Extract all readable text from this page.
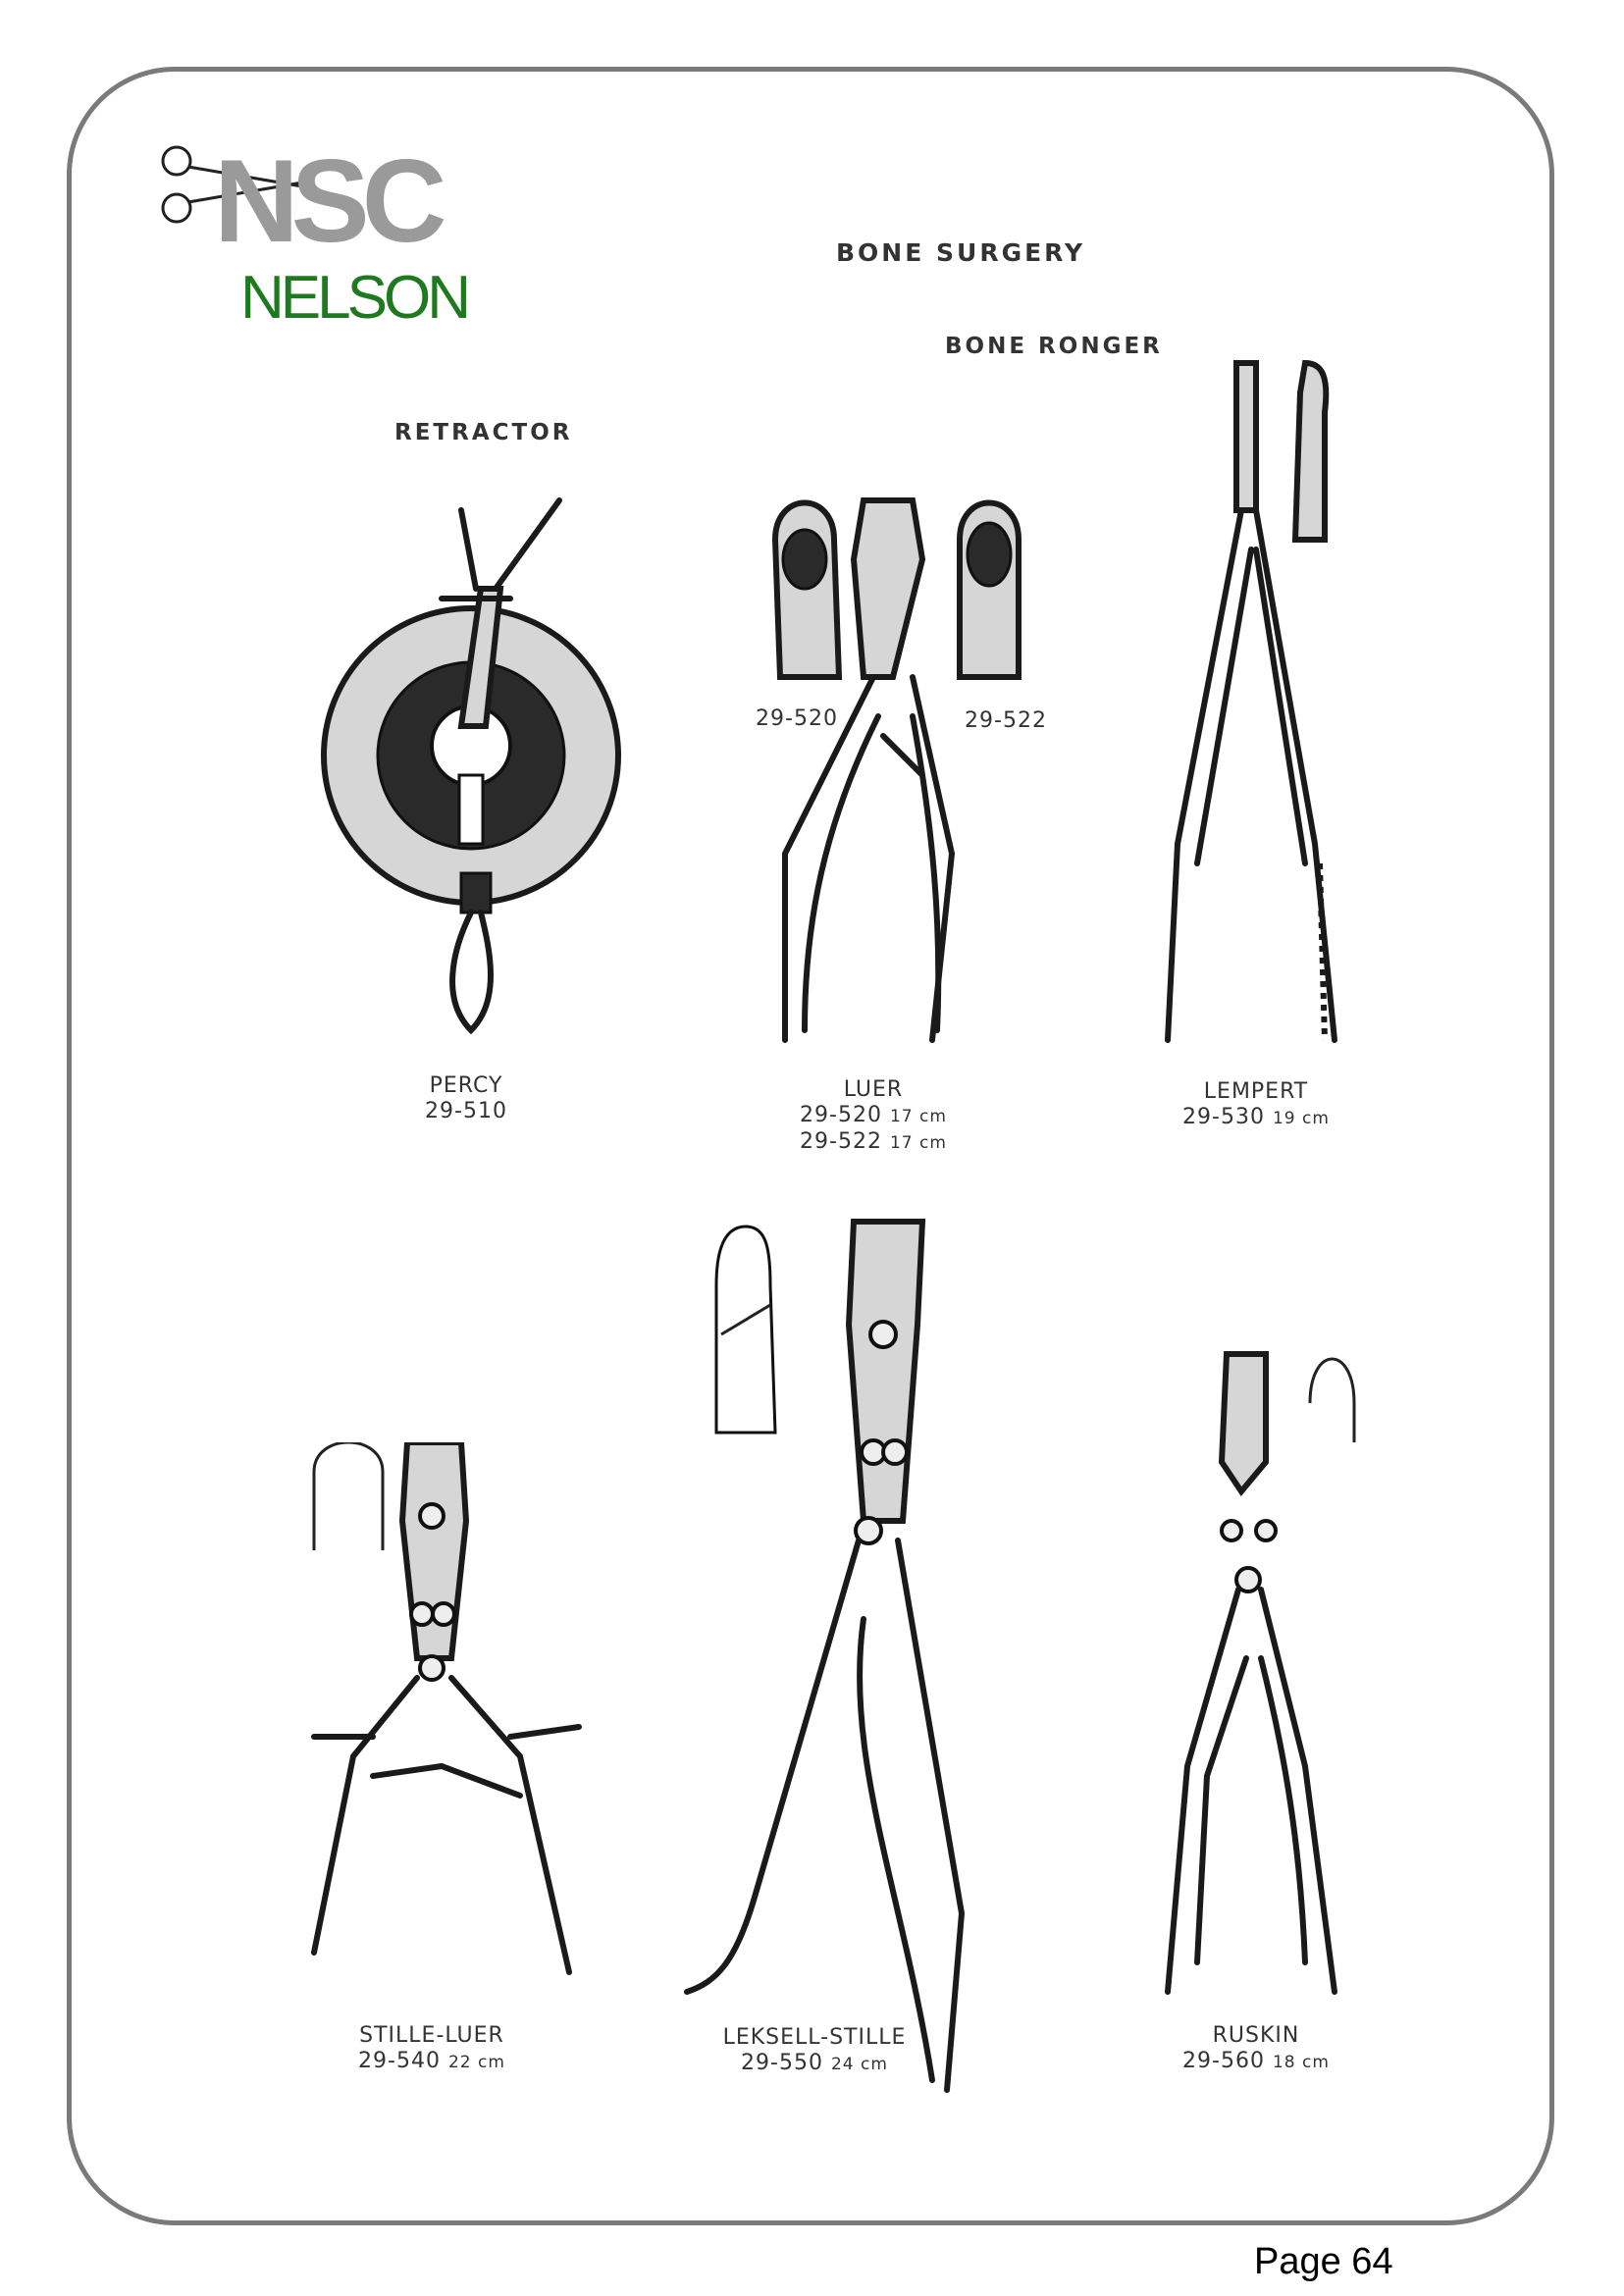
NSC
NELSON
BONE SURGERY
BONE RONGER
RETRACTOR
29-520	29-522
PERCY
29-510
LUER
29-520 17 cm
29-522 17 cm
LEMPERT
29-530 19 cm
STILLE-LUER
29-540 22 cm
LEKSELL-STILLE
29-550 24 cm
RUSKIN
29-560 18 cm
Page 64
